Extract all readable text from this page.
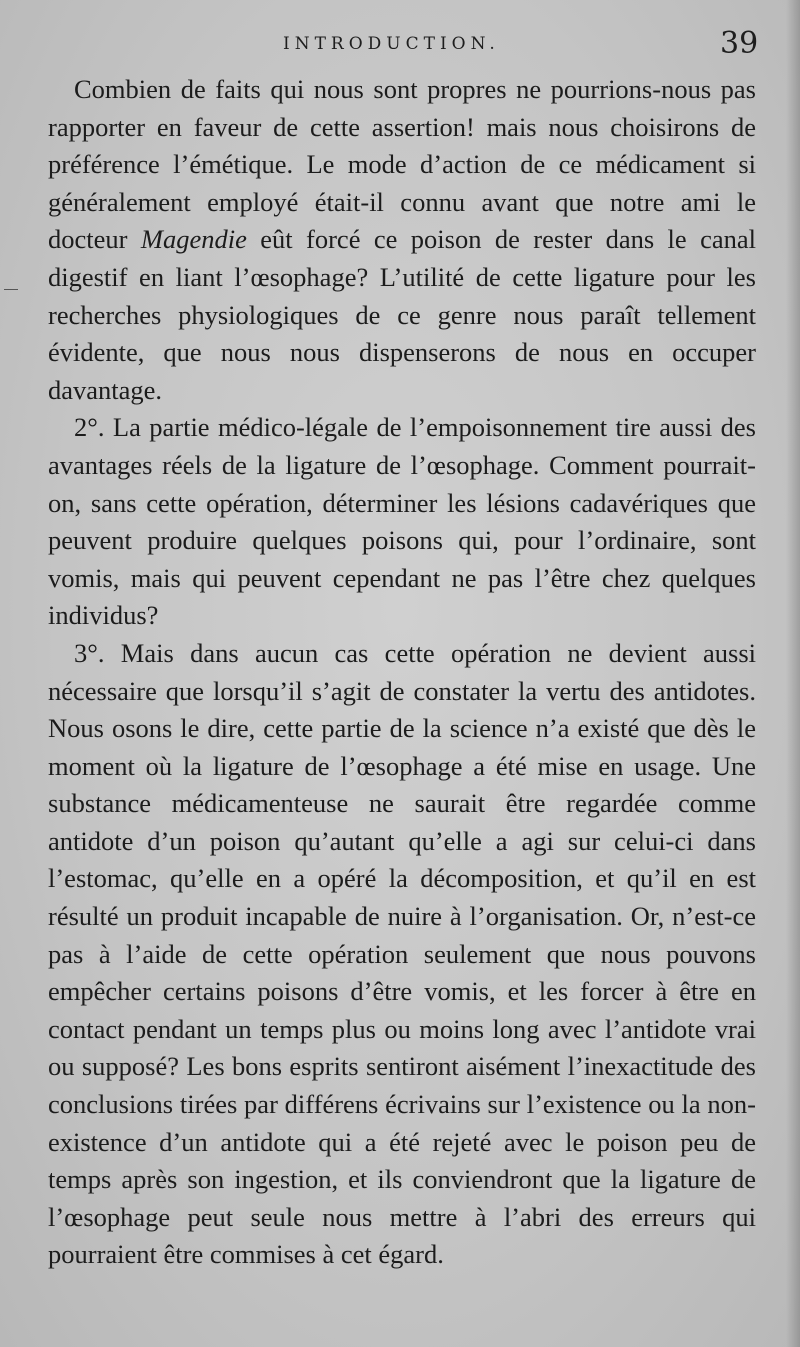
INTRODUCTION.	39

Combien de faits qui nous sont propres ne pourrions-nous pas rapporter en faveur de cette assertion! mais nous choisirons de préférence l’émétique. Le mode d’action de ce médicament si généralement employé était-il connu avant que notre ami le docteur Magendie eût forcé ce poison de rester dans le canal digestif en liant l’œsophage? L’utilité de cette ligature pour les recherches physiologiques de ce genre nous paraît tellement évidente, que nous nous dispenserons de nous en occuper davantage.

2°. La partie médico-légale de l’empoisonnement tire aussi des avantages réels de la ligature de l’œsophage. Comment pourrait-on, sans cette opération, déterminer les lésions cadavériques que peuvent produire quelques poisons qui, pour l’ordinaire, sont vomis, mais qui peuvent cependant ne pas l’être chez quelques individus?

3°. Mais dans aucun cas cette opération ne devient aussi nécessaire que lorsqu’il s’agit de constater la vertu des antidotes. Nous osons le dire, cette partie de la science n’a existé que dès le moment où la ligature de l’œsophage a été mise en usage. Une substance médicamenteuse ne saurait être regardée comme antidote d’un poison qu’autant qu’elle a agi sur celui-ci dans l’estomac, qu’elle en a opéré la décomposition, et qu’il en est résulté un produit incapable de nuire à l’organisation. Or, n’est-ce pas à l’aide de cette opération seulement que nous pouvons empêcher certains poisons d’être vomis, et les forcer à être en contact pendant un temps plus ou moins long avec l’antidote vrai ou supposé? Les bons esprits sentiront aisément l’inexactitude des conclusions tirées par différens écrivains sur l’existence ou la non-existence d’un antidote qui a été rejeté avec le poison peu de temps après son ingestion, et ils conviendront que la ligature de l’œsophage peut seule nous mettre à l’abri des erreurs qui pourraient être commises à cet égard.
